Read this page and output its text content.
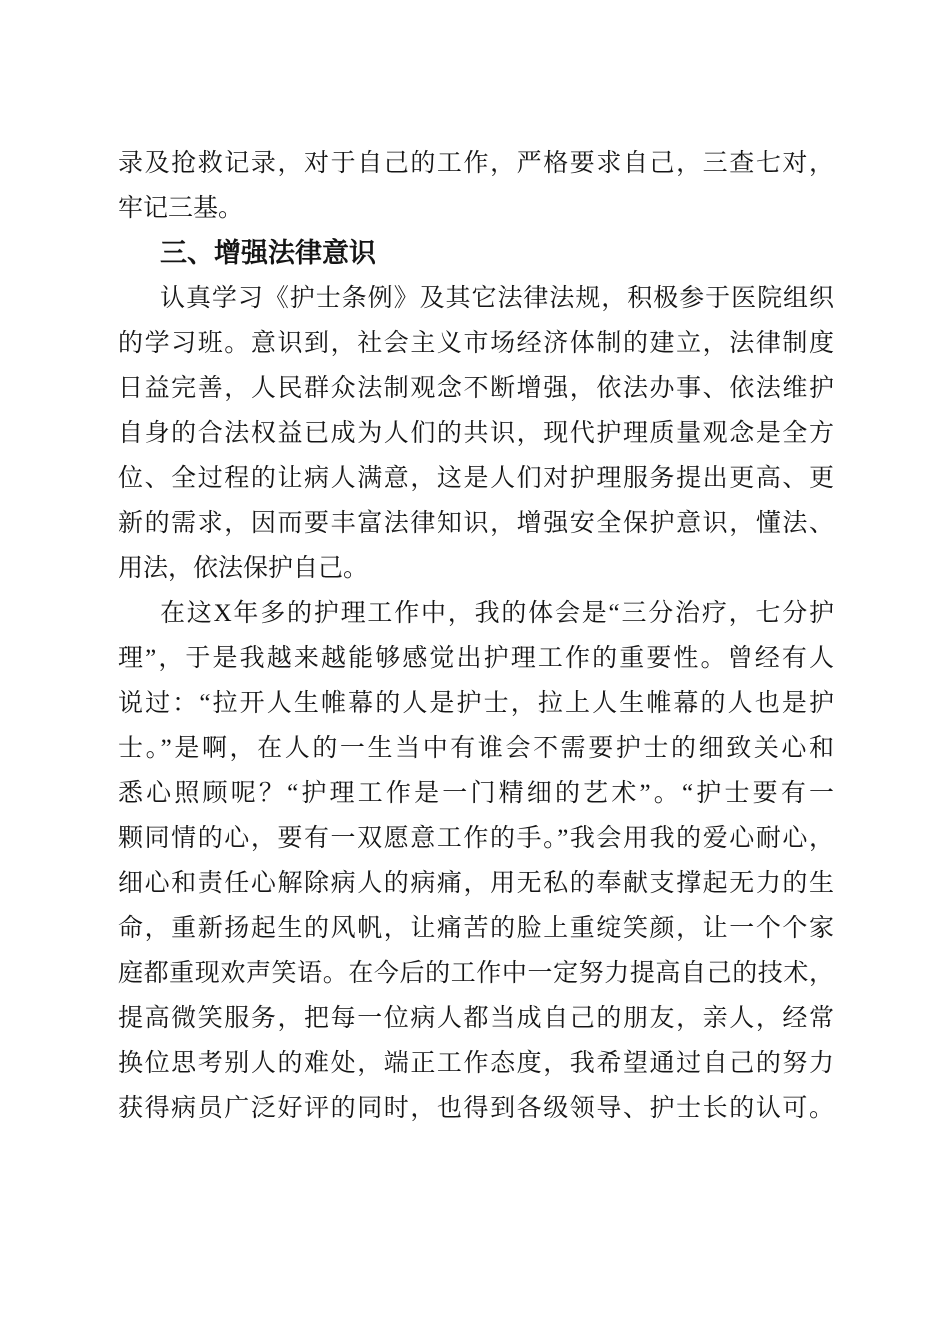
录及抢救记录，对于自己的工作，严格要求自己，三查七对，
牢记三基。
三、增强法律意识
认真学习《护士条例》及其它法律法规，积极参于医院组织
的学习班。意识到，社会主义市场经济体制的建立，法律制度
日益完善，人民群众法制观念不断增强，依法办事、依法维护
自身的合法权益已成为人们的共识，现代护理质量观念是全方
位、全过程的让病人满意，这是人们对护理服务提出更高、更
新的需求，因而要丰富法律知识，增强安全保护意识，懂法、
用法，依法保护自己。
在这X年多的护理工作中，我的体会是“三分治疗，七分护
理”，于是我越来越能够感觉出护理工作的重要性。曾经有人
说过：“拉开人生帷幕的人是护士，拉上人生帷幕的人也是护
士。”是啊，在人的一生当中有谁会不需要护士的细致关心和
悉心照顾呢？“护理工作是一门精细的艺术”。“护士要有一
颗同情的心，要有一双愿意工作的手。”我会用我的爱心耐心，
细心和责任心解除病人的病痛，用无私的奉献支撑起无力的生
命，重新扬起生的风帆，让痛苦的脸上重绽笑颜，让一个个家
庭都重现欢声笑语。在今后的工作中一定努力提高自己的技术，
提高微笑服务，把每一位病人都当成自己的朋友，亲人，经常
换位思考别人的难处，端正工作态度，我希望通过自己的努力
获得病员广泛好评的同时，也得到各级领导、护士长的认可。
